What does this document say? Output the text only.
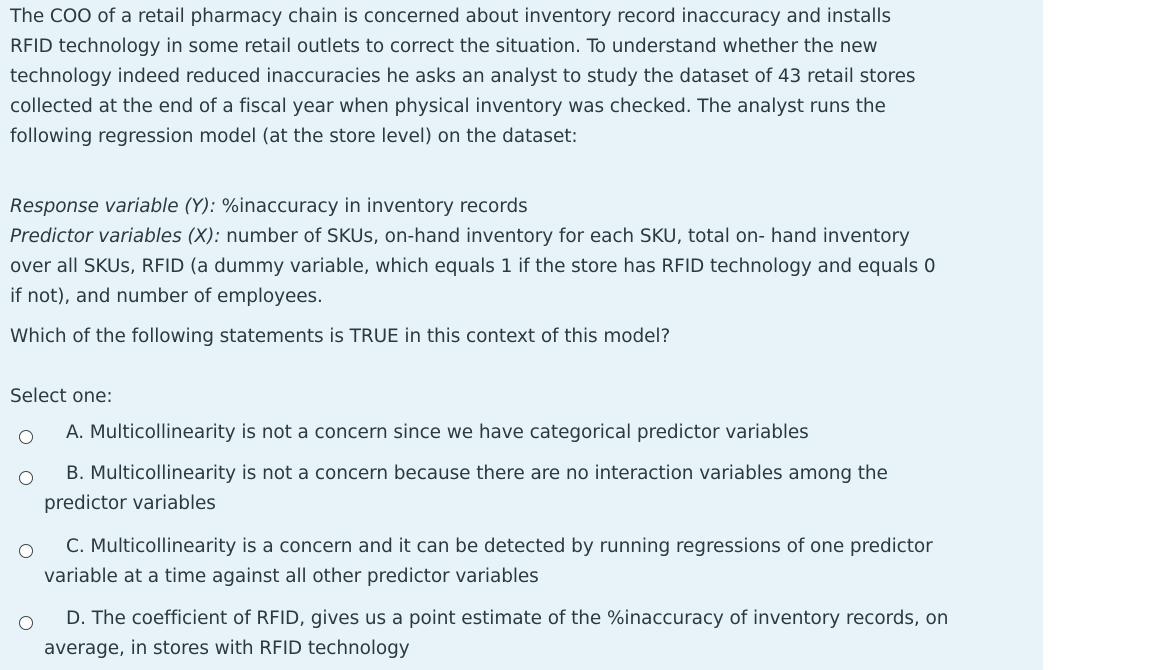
The COO of a retail pharmacy chain is concerned about inventory record inaccuracy and installs
RFID technology in some retail outlets to correct the situation. To understand whether the new
technology indeed reduced inaccuracies he asks an analyst to study the dataset of 43 retail stores
collected at the end of a fiscal year when physical inventory was checked. The analyst runs the
following regression model (at the store level) on the dataset:
Response variable (Y): %inaccuracy in inventory records
Predictor variables (X): number of SKUs, on-hand inventory for each SKU, total on- hand inventory
over all SKUs, RFID (a dummy variable, which equals 1 if the store has RFID technology and equals 0
if not), and number of employees.
Which of the following statements is TRUE in this context of this model?
Select one:
A. Multicollinearity is not a concern since we have categorical predictor variables
B. Multicollinearity is not a concern because there are no interaction variables among the
predictor variables
C. Multicollinearity is a concern and it can be detected by running regressions of one predictor
variable at a time against all other predictor variables
D. The coefficient of RFID, gives us a point estimate of the %inaccuracy of inventory records, on
average, in stores with RFID technology
